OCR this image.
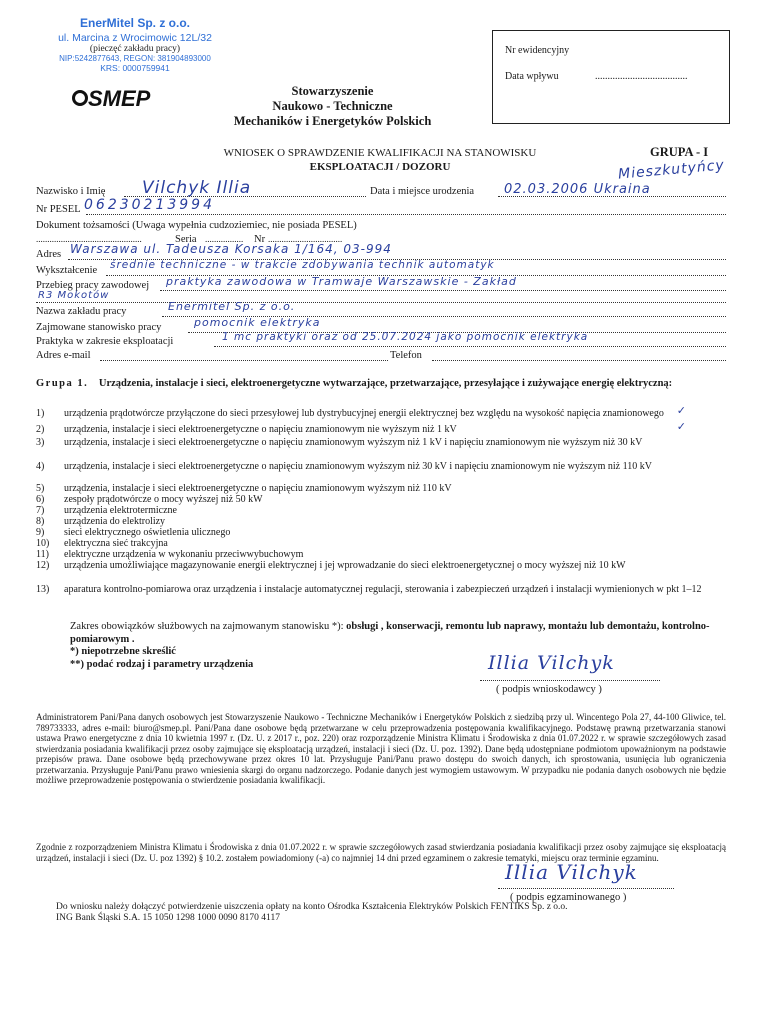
EnerMitel Sp. z o.o.
ul. Marcina z Wrocimowic 12L/32
(pieczęć zakładu pracy)
NIP:5242877643, REGON: 381904893000
KRS: 0000759941
SMEP	Stowarzyszenie
Naukowo - Techniczne
Mechaników i Energetyków Polskich
Nr ewidencyjny
Data wpływu	.....................................
WNIOSEK O SPRAWDZENIE KWALIFIKACJI NA STANOWISKU
EKSPLOATACJI / DOZORU
GRUPA - I
Mieszkutyńcy
Nazwisko i Imię Vilchyk Illia	Data i miejsce urodzenia 02.03.2006 Ukraina
Nr PESEL 06230213994
Dokument tożsamości (Uwaga wypełnia cudzoziemiec, nie posiada PESEL)
...............................................	Seria ................. Nr .................................
Adres Warszawa ul. Tadeusza Korsaka 1/164, 03-994
Wykształcenie średnie techniczne - w trakcie zdobywania technik automatyk
Przebieg pracy zawodowej praktyka zawodowa w Tramwaje Warszawskie - Zakład
R3 Mokotów
Nazwa zakładu pracy	Enermitel Sp. z o.o.
Zajmowane stanowisko pracy	pomocnik elektryka
Praktyka w zakresie eksploatacji	1 mc praktyki oraz od 25.07.2024 jako pomocnik elektryka
Adres e-mail	Telefon
Grupa 1. Urządzenia, instalacje i sieci, elektroenergetyczne wytwarzające, przetwarzające, przesyłające i zużywające energię elektryczną:
1) urządzenia prądotwórcze przyłączone do sieci przesyłowej lub dystrybucyjnej energii elektrycznej bez względu na wysokość napięcia znamionowego	✓
2) urządzenia, instalacje i sieci elektroenergetyczne o napięciu znamionowym nie wyższym niż 1 kV	✓
3) urządzenia, instalacje i sieci elektroenergetyczne o napięciu znamionowym wyższym niż 1 kV i napięciu znamionowym nie wyższym niż 30 kV
4) urządzenia, instalacje i sieci elektroenergetyczne o napięciu znamionowym wyższym niż 30 kV i napięciu znamionowym nie wyższym niż 110 kV
5) urządzenia, instalacje i sieci elektroenergetyczne o napięciu znamionowym wyższym niż 110 kV
6) zespoły prądotwórcze o mocy wyższej niż 50 kW
7) urządzenia elektrotermiczne
8) urządzenia do elektrolizy
9) sieci elektrycznego oświetlenia ulicznego
10) elektryczna sieć trakcyjna
11) elektryczne urządzenia w wykonaniu przeciwwybuchowym
12) urządzenia umożliwiające magazynowanie energii elektrycznej i jej wprowadzanie do sieci elektroenergetycznej o mocy wyższej niż 10 kW
13) aparatura kontrolno-pomiarowa oraz urządzenia i instalacje automatycznej regulacji, sterowania i zabezpieczeń urządzeń i instalacji wymienionych w pkt 1–12
Zakres obowiązków służbowych na zajmowanym stanowisku *): obsługi , konserwacji, remontu lub naprawy, montażu lub demontażu, kontrolno-pomiarowym .
*) niepotrzebne skreślić
**) podać rodzaj i parametry urządzenia	Illia Vilchyk
( podpis wnioskodawcy )
Administratorem Pani/Pana danych osobowych jest Stowarzyszenie Naukowo - Techniczne Mechaników i Energetyków Polskich z siedzibą przy ul. Wincentego Pola 27, 44-100 Gliwice, tel. 789733333, adres e-mail: biuro@smep.pl. Pani/Pana dane osobowe będą przetwarzane w celu przeprowadzenia postępowania kwalifikacyjnego. Podstawę prawną przetwarzania stanowi ustawa Prawo energetyczne z dnia 10 kwietnia 1997 r. (Dz. U. z 2017 r., poz. 220) oraz rozporządzenie Ministra Klimatu i Środowiska z dnia 01.07.2022 r. w sprawie szczegółowych zasad stwierdzania posiadania kwalifikacji przez osoby zajmujące się eksploatacją urządzeń, instalacji i sieci (Dz. U. poz. 1392). Dane będą udostępniane podmiotom upoważnionym na podstawie przepisów prawa. Dane osobowe będą przechowywane przez okres 10 lat. Przysługuje Pani/Panu prawo dostępu do swoich danych, ich sprostowania, usunięcia lub ograniczenia przetwarzania. Przysługuje Pani/Panu prawo wniesienia skargi do organu nadzorczego. Podanie danych jest wymogiem ustawowym. W przypadku nie podania danych osobowych nie będzie możliwe przeprowadzenie postępowania o stwierdzenie posiadania kwalifikacji.
Zgodnie z rozporządzeniem Ministra Klimatu i Środowiska z dnia 01.07.2022 r. w sprawie szczegółowych zasad stwierdzania posiadania kwalifikacji przez osoby zajmujące się eksploatacją urządzeń, instalacji i sieci (Dz. U. poz 1392) § 10.2. zostałem powiadomiony (-a) co najmniej 14 dni przed egzaminem o zakresie tematyki, miejscu oraz terminie egzaminu.
Illia Vilchyk
( podpis egzaminowanego )
Do wniosku należy dołączyć potwierdzenie uiszczenia opłaty na konto Ośrodka Kształcenia Elektryków Polskich FENTIKS Sp. z o.o.
ING Bank Śląski S.A. 15 1050 1298 1000 0090 8170 4117
